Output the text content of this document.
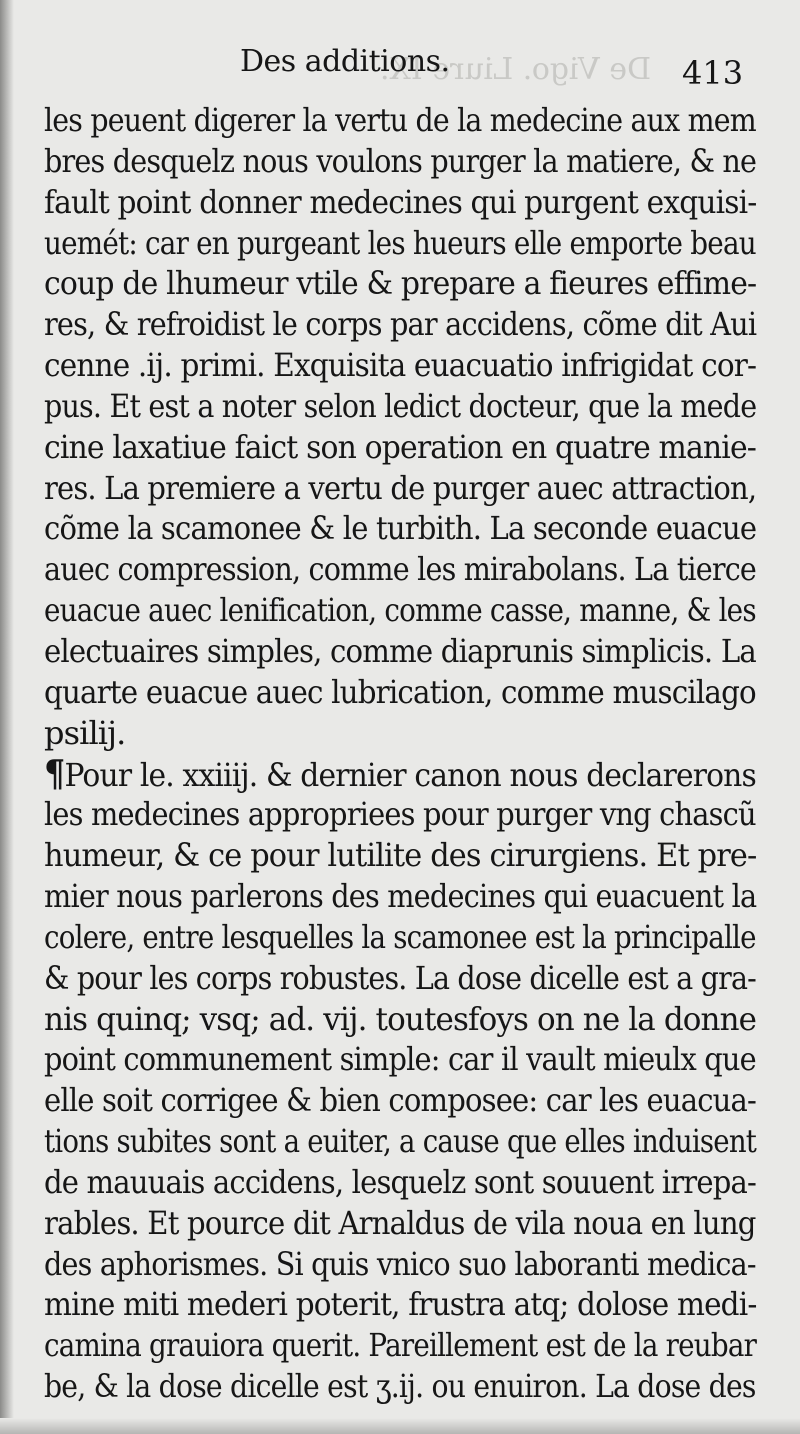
De Vigo. Liure IX.
Des additions.	413
les peuent digerer la vertu de la medecine aux mem
bres desquelz nous voulons purger la matiere, & ne
fault point donner medecines qui purgent exquisi-
uemét: car en purgeant les hueurs elle emporte beau
coup de lhumeur vtile & prepare a fieures effime-
res, & refroidist le corps par accidens, cõme dit Aui
cenne .ij. primi. Exquisita euacuatio infrigidat cor-
pus. Et est a noter selon ledict docteur, que la mede
cine laxatiue faict son operation en quatre manie-
res. La premiere a vertu de purger auec attraction,
cõme la scamonee & le turbith. La seconde euacue
auec compression, comme les mirabolans. La tierce
euacue auec lenification, comme casse, manne, & les
electuaires simples, comme diaprunis simplicis. La
quarte euacue auec lubrication, comme muscilago
psilij.
¶Pour le. xxiiij. & dernier canon nous declarerons
les medecines appropriees pour purger vng chascũ
humeur, & ce pour lutilite des cirurgiens. Et pre-
mier nous parlerons des medecines qui euacuent la
colere, entre lesquelles la scamonee est la principalle
& pour les corps robustes. La dose dicelle est a gra-
nis quinq; vsq; ad. vij. toutesfoys on ne la donne
point communement simple: car il vault mieulx que
elle soit corrigee & bien composee: car les euacua-
tions subites sont a euiter, a cause que elles induisent
de mauuais accidens, lesquelz sont souuent irrepa-
rables. Et pource dit Arnaldus de vila noua en lung
des aphorismes. Si quis vnico suo laboranti medica-
mine miti mederi poterit, frustra atq; dolose medi-
camina grauiora querit. Pareillement est de la reubar
be, & la dose dicelle est ʒ.ij. ou enuiron. La dose des
